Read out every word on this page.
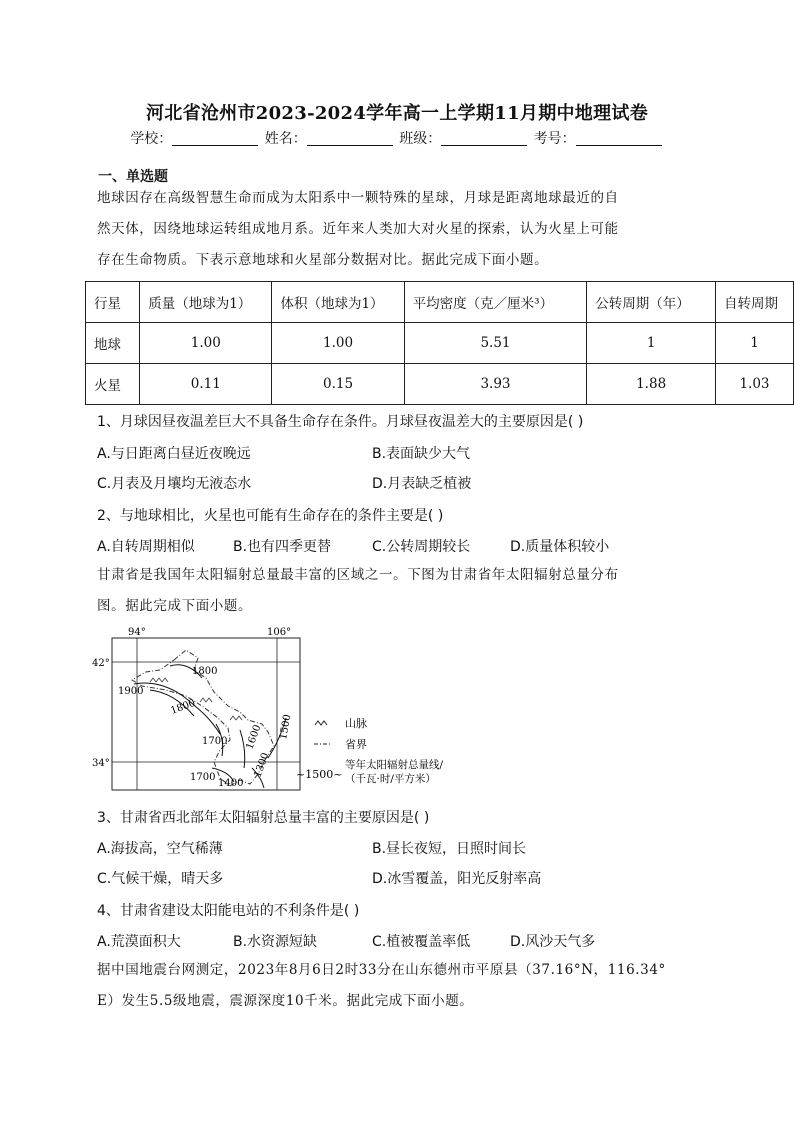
河北省沧州市2023-2024学年高一上学期11月期中地理试卷
学校：	姓名：	班级：	考号：
一、单选题
地球因存在高级智慧生命而成为太阳系中一颗特殊的星球，月球是距离地球最近的自
然天体，因绕地球运转组成地月系。近年来人类加大对火星的探索，认为火星上可能
存在生命物质。下表示意地球和火星部分数据对比。据此完成下面小题。
行星	质量（地球为1）	体积（地球为1）	平均密度（克／厘米³）	公转周期（年）	自转周期
地球	1.00	1.00	5.51	1	1
火星	0.11	0.15	3.93	1.88	1.03
1、月球因昼夜温差巨大不具备生命存在条件。月球昼夜温差大的主要原因是( )
A.与日距离白昼近夜晚远	B.表面缺少大气
C.月表及月壤均无液态水	D.月表缺乏植被
2、与地球相比，火星也可能有生命存在的条件主要是( )
A.自转周期相似	B.也有四季更替	C.公转周期较长	D.质量体积较小
甘肃省是我国年太阳辐射总量最丰富的区域之一。下图为甘肃省年太阳辐射总量分布
图。据此完成下面小题。
94°	106°
42°
34°
1800
1900
1800
1700 1600 1500
1700
1400
1300
山脉
省界
~1500~
等年太阳辐射总量线/
（千瓦·时/平方米）
3、甘肃省西北部年太阳辐射总量丰富的主要原因是( )
A.海拔高，空气稀薄	B.昼长夜短，日照时间长
C.气候干燥，晴天多	D.冰雪覆盖，阳光反射率高
4、甘肃省建设太阳能电站的不利条件是( )
A.荒漠面积大	B.水资源短缺	C.植被覆盖率低	D.风沙天气多
据中国地震台网测定，2023年8月6日2时33分在山东德州市平原县（37.16°N，116.34°
E）发生5.5级地震，震源深度10千米。据此完成下面小题。
